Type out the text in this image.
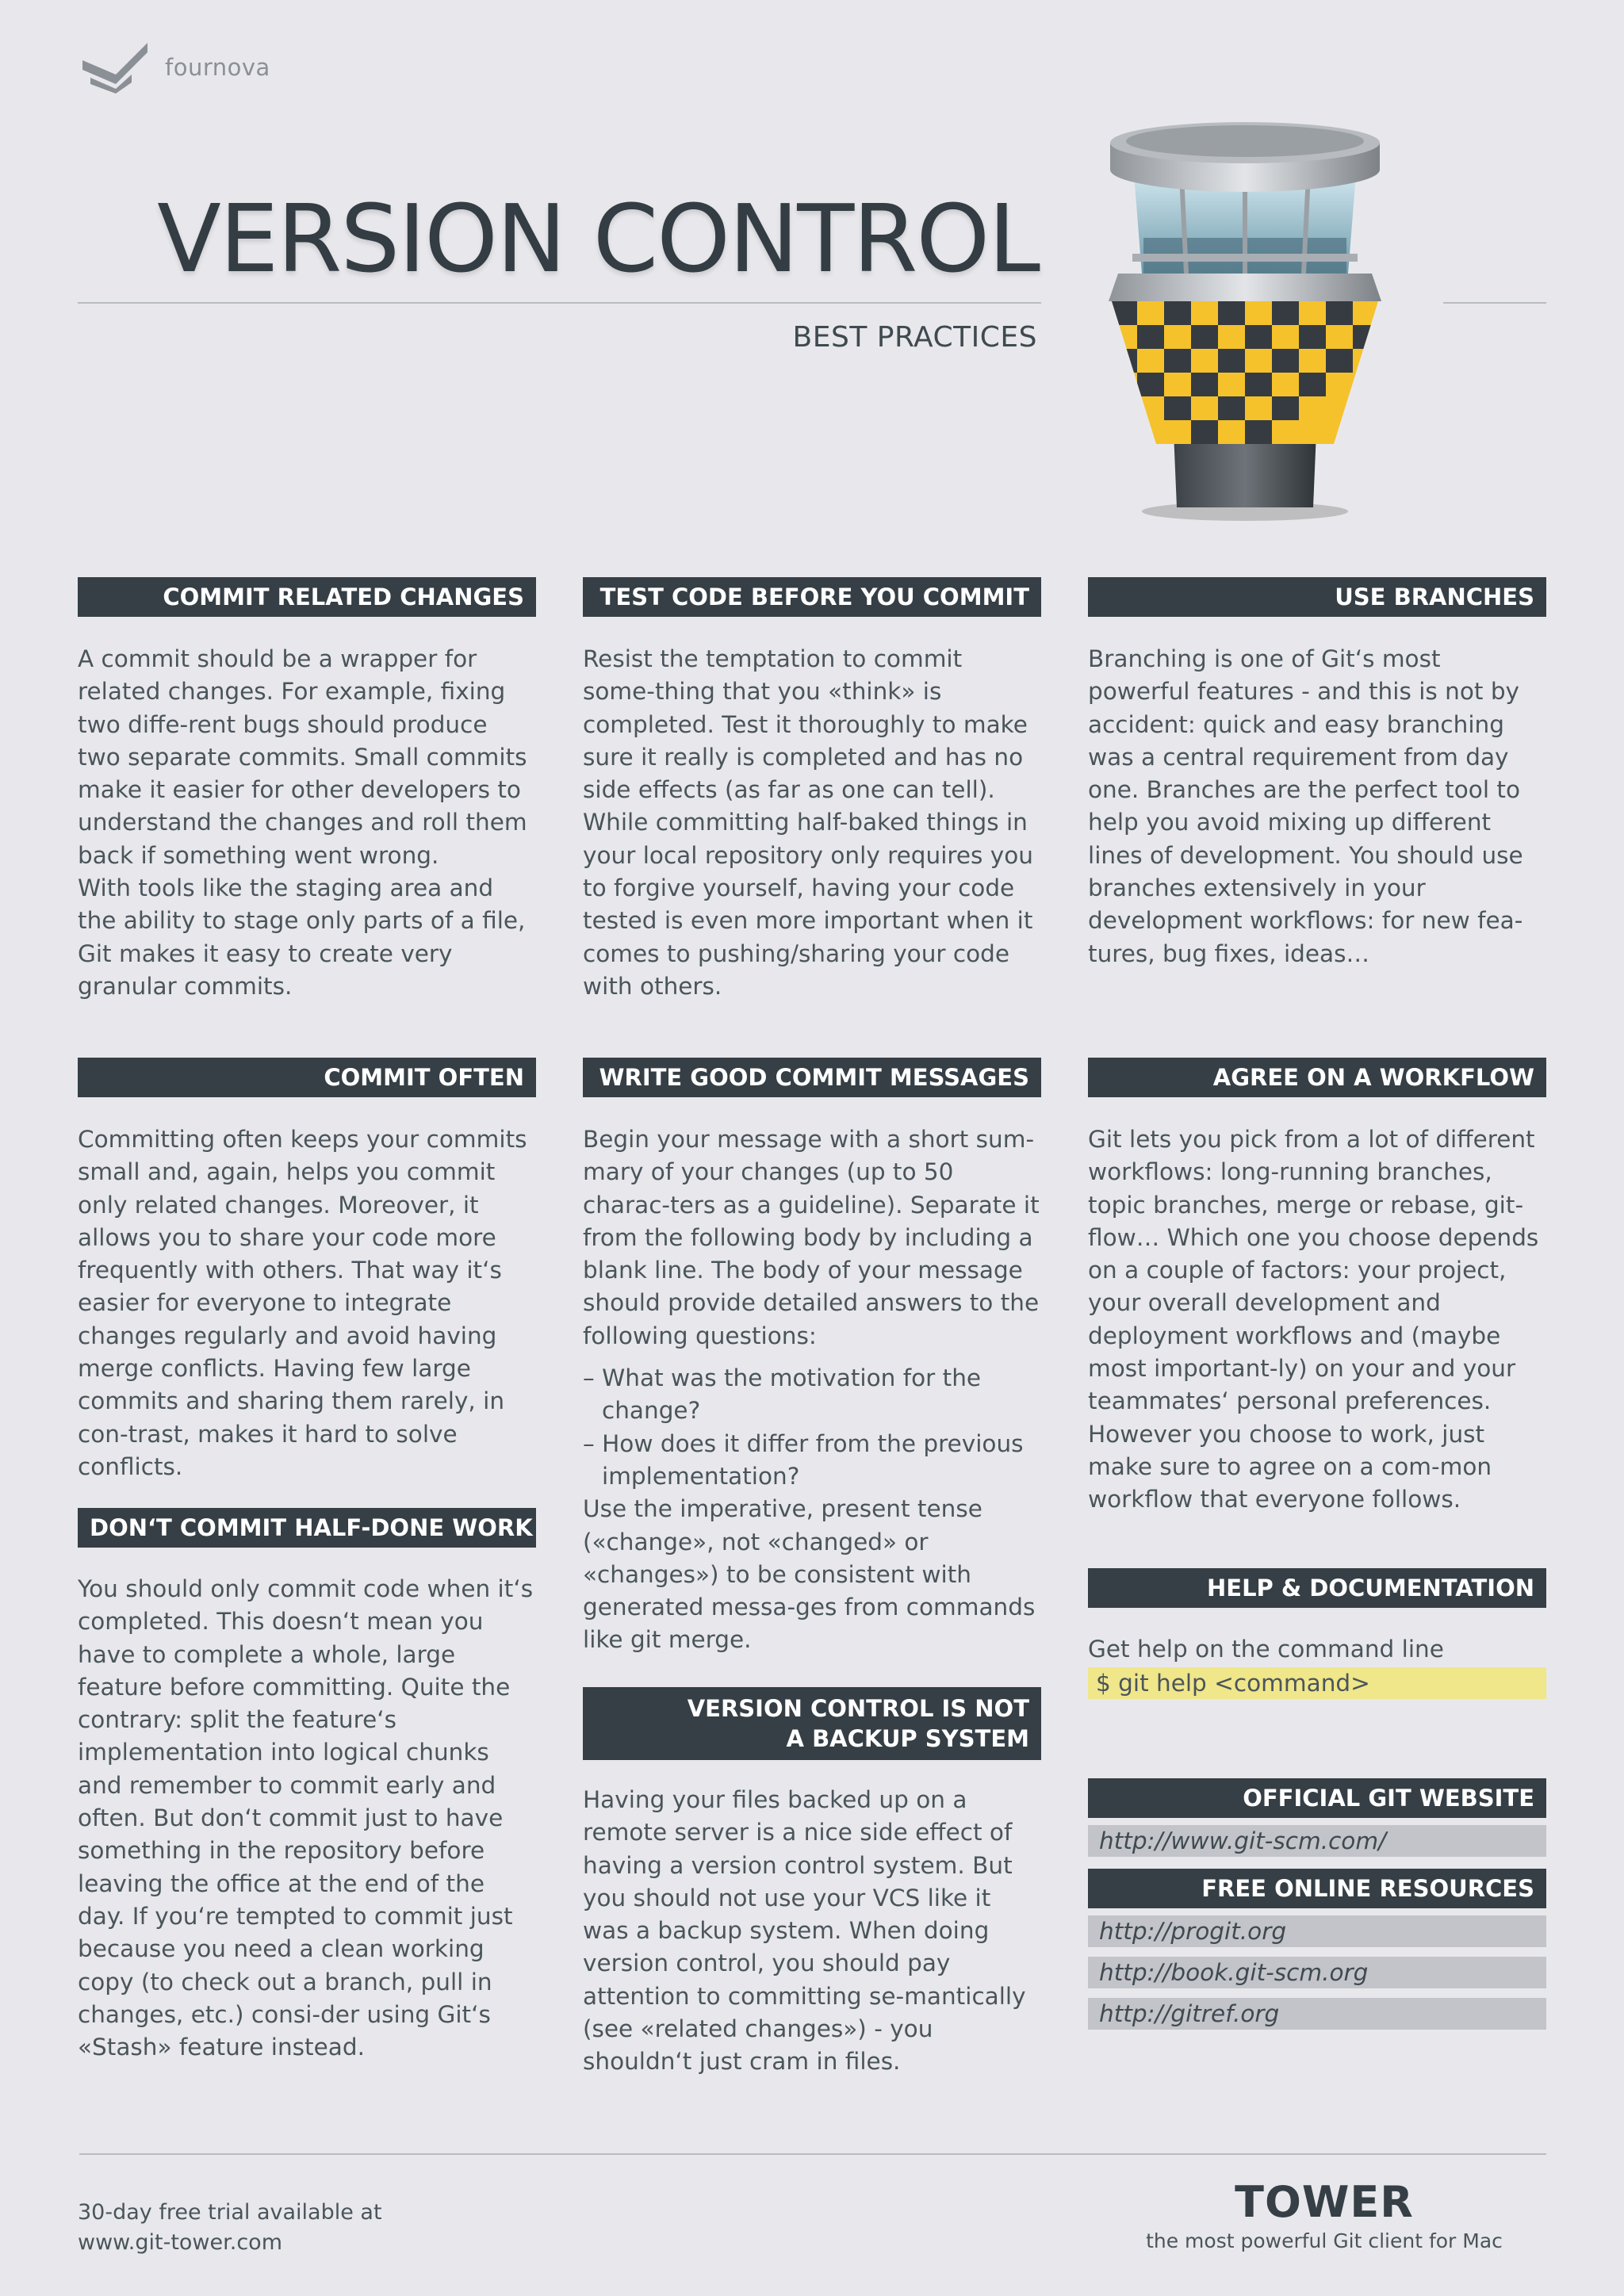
fournova
VERSION CONTROL
BEST PRACTICES
COMMIT RELATED CHANGES

A commit should be a wrapper for related changes. For example, fixing two diffe-rent bugs should produce two separate commits. Small commits make it easier for other developers to understand the changes and roll them back if something went wrong.

With tools like the staging area and the ability to stage only parts of a file, Git makes it easy to create very granular commits.

COMMIT OFTEN

Committing often keeps your commits small and, again, helps you commit only related changes. Moreover, it allows you to share your code more frequently with others. That way it‘s easier for everyone to integrate changes regularly and avoid having merge conflicts. Having few large commits and sharing them rarely, in con-trast, makes it hard to solve conflicts.

DON‘T COMMIT HALF-DONE WORK

You should only commit code when it‘s completed. This doesn‘t mean you have to complete a whole, large feature before committing. Quite the contrary: split the feature‘s implementation into logical chunks and remember to commit early and often. But don‘t commit just to have something in the repository before leaving the office at the end of the day. If you‘re tempted to commit just because you need a clean working copy (to check out a branch, pull in changes, etc.) consi-der using Git‘s «Stash» feature instead.

TEST CODE BEFORE YOU COMMIT

Resist the temptation to commit some-thing that you «think» is completed. Test it thoroughly to make sure it really is completed and has no side effects (as far as one can tell). While committing half-baked things in your local repository only requires you to forgive yourself, having your code tested is even more important when it comes to pushing/sharing your code with others.

WRITE GOOD COMMIT MESSAGES

Begin your message with a short sum-mary of your changes (up to 50 charac-ters as a guideline). Separate it from the following body by including a blank line. The body of your message should provide detailed answers to the following questions:

– What was the motivation for the change?
– How does it differ from the previous implementation?

Use the imperative, present tense («change», not «changed» or «changes») to be consistent with generated messa-ges from commands like git merge.

VERSION CONTROL IS NOT
A BACKUP SYSTEM

Having your files backed up on a remote server is a nice side effect of having a version control system. But you should not use your VCS like it was a backup system. When doing version control, you should pay attention to committing se-mantically (see «related changes») - you shouldn‘t just cram in files.

USE BRANCHES

Branching is one of Git‘s most powerful features - and this is not by accident: quick and easy branching was a central requirement from day one. Branches are the perfect tool to help you avoid mixing up different lines of development. You should use branches extensively in your development workflows: for new fea-tures, bug fixes, ideas…

AGREE ON A WORKFLOW

Git lets you pick from a lot of different workflows: long-running branches, topic branches, merge or rebase, git-flow… Which one you choose depends on a couple of factors: your project, your overall development and deployment workflows and (maybe most important-ly) on your and your teammates‘ personal preferences. However you choose to work, just make sure to agree on a com-mon workflow that everyone follows.

HELP & DOCUMENTATION
Get help on the command line
$ git help <command>
OFFICIAL GIT WEBSITE
http://www.git-scm.com/
FREE ONLINE RESOURCES
http://progit.org
http://book.git-scm.org
http://gitref.org
30-day free trial available at
www.git-tower.com
TOWER
the most powerful Git client for Mac
